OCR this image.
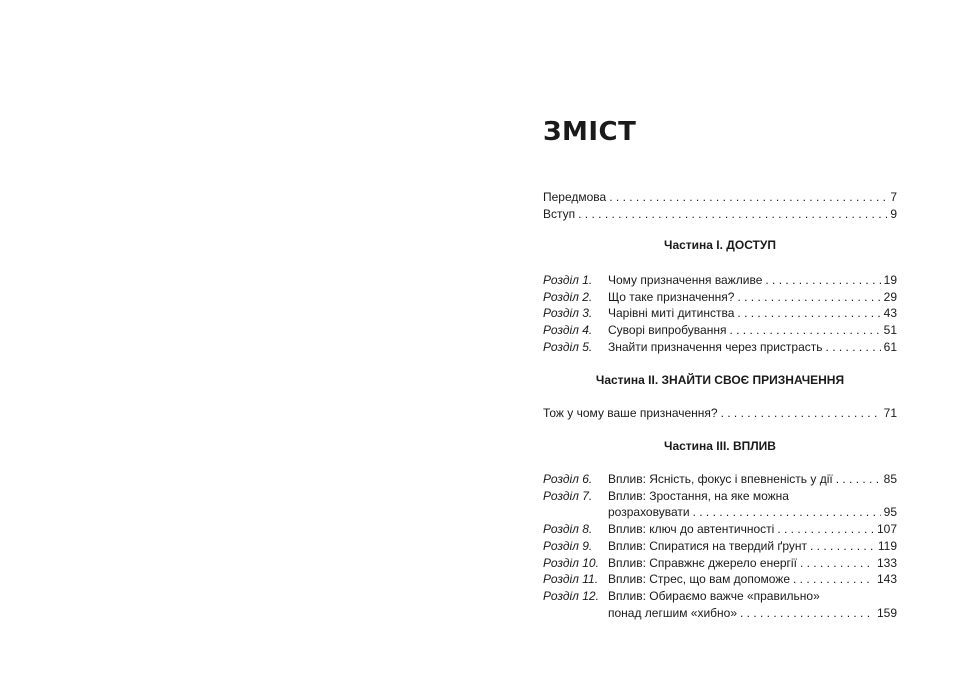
ЗМІСТ
Передмова . . .	7
Вступ . . .	9
Частина І. ДОСТУП
Розділ 1.	Чому призначення важливе . . .	19
Розділ 2.	Що таке призначення? . . .	29
Розділ 3.	Чарівні миті дитинства . . .	43
Розділ 4.	Суворі випробування . . .	51
Розділ 5.	Знайти призначення через пристрасть . . .	61
Частина ІІ. ЗНАЙТИ СВОЄ ПРИЗНАЧЕННЯ
Тож у чому ваше призначення? . . .	71
Частина ІІІ. ВПЛИВ
Розділ 6.	Вплив: Ясність, фокус і впевненість у дії . . .	85
Розділ 7.	Вплив: Зростання, на яке можна
розраховувати . . .	95
Розділ 8.	Вплив: ключ до автентичності . . .	107
Розділ 9.	Вплив: Спиратися на твердий ґрунт . . .	119
Розділ 10. Вплив: Справжнє джерело енергії . . .	133
Розділ 11. Вплив: Стрес, що вам допоможе . . .	143
Розділ 12. Вплив: Обираємо важче «правильно»
понад легшим «хибно» . . .	159
